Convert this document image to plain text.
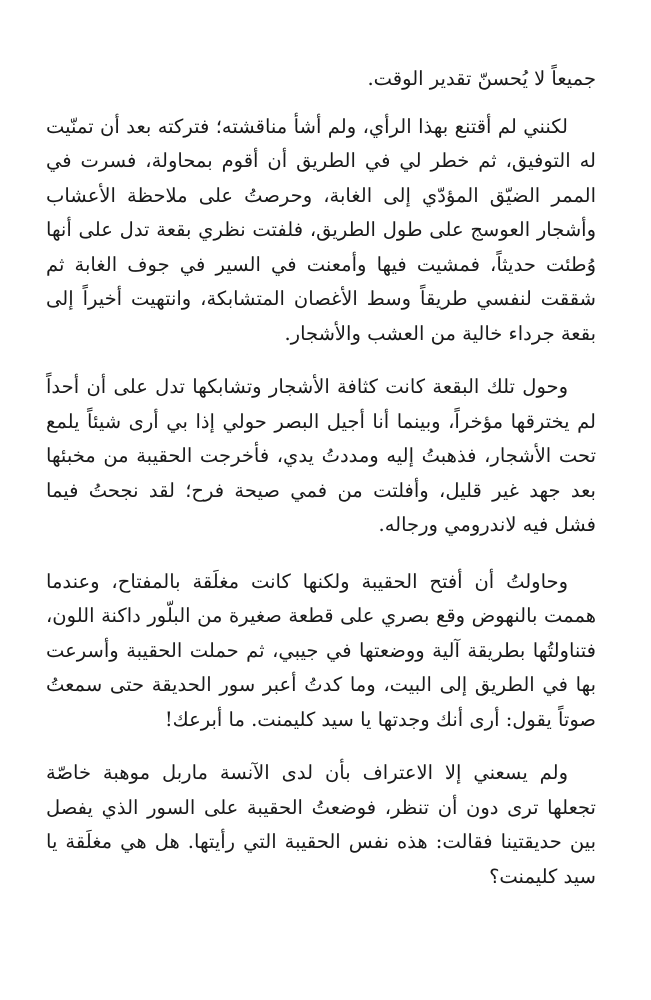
جميعاً لا يُحسنّ تقدير الوقت.

لكنني لم أقتنع بهذا الرأي، ولم أشأ مناقشته؛ فتركته بعد أن تمنّيت له التوفيق، ثم خطر لي في الطريق أن أقوم بمحاولة، فسرت في الممر الضيّق المؤدّي إلى الغابة، وحرصتُ على ملاحظة الأعشاب وأشجار العوسج على طول الطريق، فلفتت نظري بقعة تدل على أنها وُطئت حديثاً، فمشيت فيها وأمعنت في السير في جوف الغابة ثم شققت لنفسي طريقاً وسط الأغصان المتشابكة، وانتهيت أخيراً إلى بقعة جرداء خالية من العشب والأشجار.

وحول تلك البقعة كانت كثافة الأشجار وتشابكها تدل على أن أحداً لم يخترقها مؤخراً، وبينما أنا أجيل البصر حولي إذا بي أرى شيئاً يلمع تحت الأشجار، فذهبتُ إليه ومددتُ يدي، فأخرجت الحقيبة من مخبئها بعد جهد غير قليل، وأفلتت من فمي صيحة فرح؛ لقد نجحتُ فيما فشل فيه لاندرومي ورجاله.

وحاولتُ أن أفتح الحقيبة ولكنها كانت مغلَقة بالمفتاح، وعندما هممت بالنهوض وقع بصري على قطعة صغيرة من البلّور داكنة اللون، فتناولتُها بطريقة آلية ووضعتها في جيبي، ثم حملت الحقيبة وأسرعت بها في الطريق إلى البيت، وما كدتُ أعبر سور الحديقة حتى سمعتُ صوتاً يقول: أرى أنك وجدتها يا سيد كليمنت. ما أبرعك!

ولم يسعني إلا الاعتراف بأن لدى الآنسة ماربل موهبة خاصّة تجعلها ترى دون أن تنظر، فوضعتُ الحقيبة على السور الذي يفصل بين حديقتينا فقالت: هذه نفس الحقيبة التي رأيتها. هل هي مغلَقة يا سيد كليمنت؟
